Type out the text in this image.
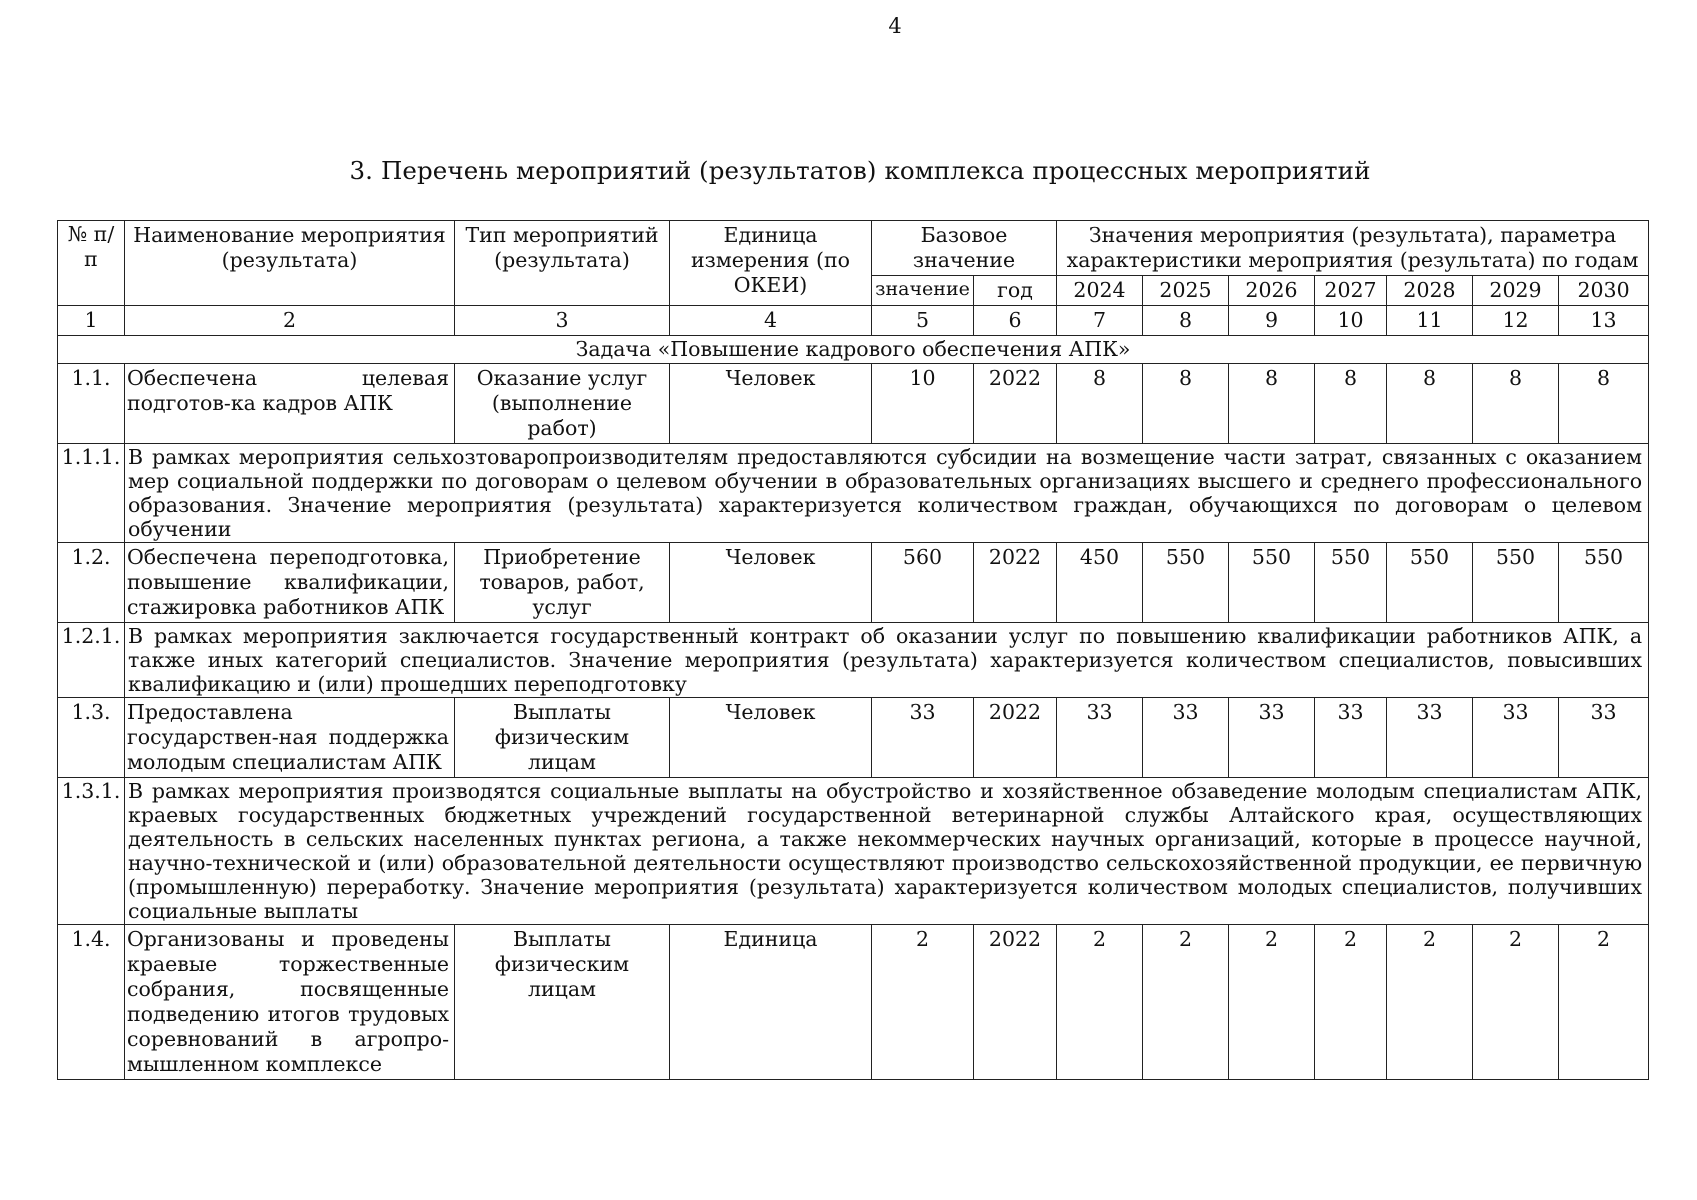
4
3. Перечень мероприятий (результатов) комплекса процессных мероприятий
№ п/п	Наименование мероприятия (результата)	Тип мероприятий (результата)	Единица измерения (по ОКЕИ)	Базовое значение		Значения мероприятия (результата), параметра характеристики мероприятия (результата) по годам						

				значение	год	2024	2025	2026	2027	2028	2029	2030
1	2	3	4	5	6	7	8	9	10	11	12	13
Задача «Повышение кадрового обеспечения АПК»												
1.1.	Обеспечена целевая подготов-ка кадров АПК	Оказание услуг (выполнение работ)	Человек	10	2022	8	8	8	8	8	8	8
1.1.1.	В рамках мероприятия сельхозтоваропроизводителям предоставляются субсидии на возмещение части затрат, связанных с оказанием мер социальной поддержки по договорам о целевом обучении в образовательных организациях высшего и среднего профессионального образования. Значение мероприятия (результата) характеризуется количеством граждан, обучающихся по договорам о целевом обучении											
1.2.	Обеспечена переподготовка, повышение квалификации, стажировка работников АПК	Приобретение товаров, работ, услуг	Человек	560	2022	450	550	550	550	550	550	550
1.2.1.	В рамках мероприятия заключается государственный контракт об оказании услуг по повышению квалификации работников АПК, а также иных категорий специалистов. Значение мероприятия (результата) характеризуется количеством специалистов, повысивших квалификацию и (или) прошедших переподготовку											
1.3.	Предоставлена государствен-ная поддержка молодым специалистам АПК	Выплаты физическим лицам	Человек	33	2022	33	33	33	33	33	33	33
1.3.1.	В рамках мероприятия производятся социальные выплаты на обустройство и хозяйственное обзаведение молодым специалистам АПК, краевых государственных бюджетных учреждений государственной ветеринарной службы Алтайского края, осуществляющих деятельность в сельских населенных пунктах региона, а также некоммерческих научных организаций, которые в процессе научной, научно-технической и (или) образовательной деятельности осуществляют производство сельскохозяйственной продукции, ее первичную (промышленную) переработку. Значение мероприятия (результата) характеризуется количеством молодых специалистов, получивших социальные выплаты											
1.4.	Организованы и проведены краевые торжественные собрания, посвященные подведению итогов трудовых соревнований в агропро-мышленном комплексе	Выплаты физическим лицам	Единица	2	2022	2	2	2	2	2	2	2
